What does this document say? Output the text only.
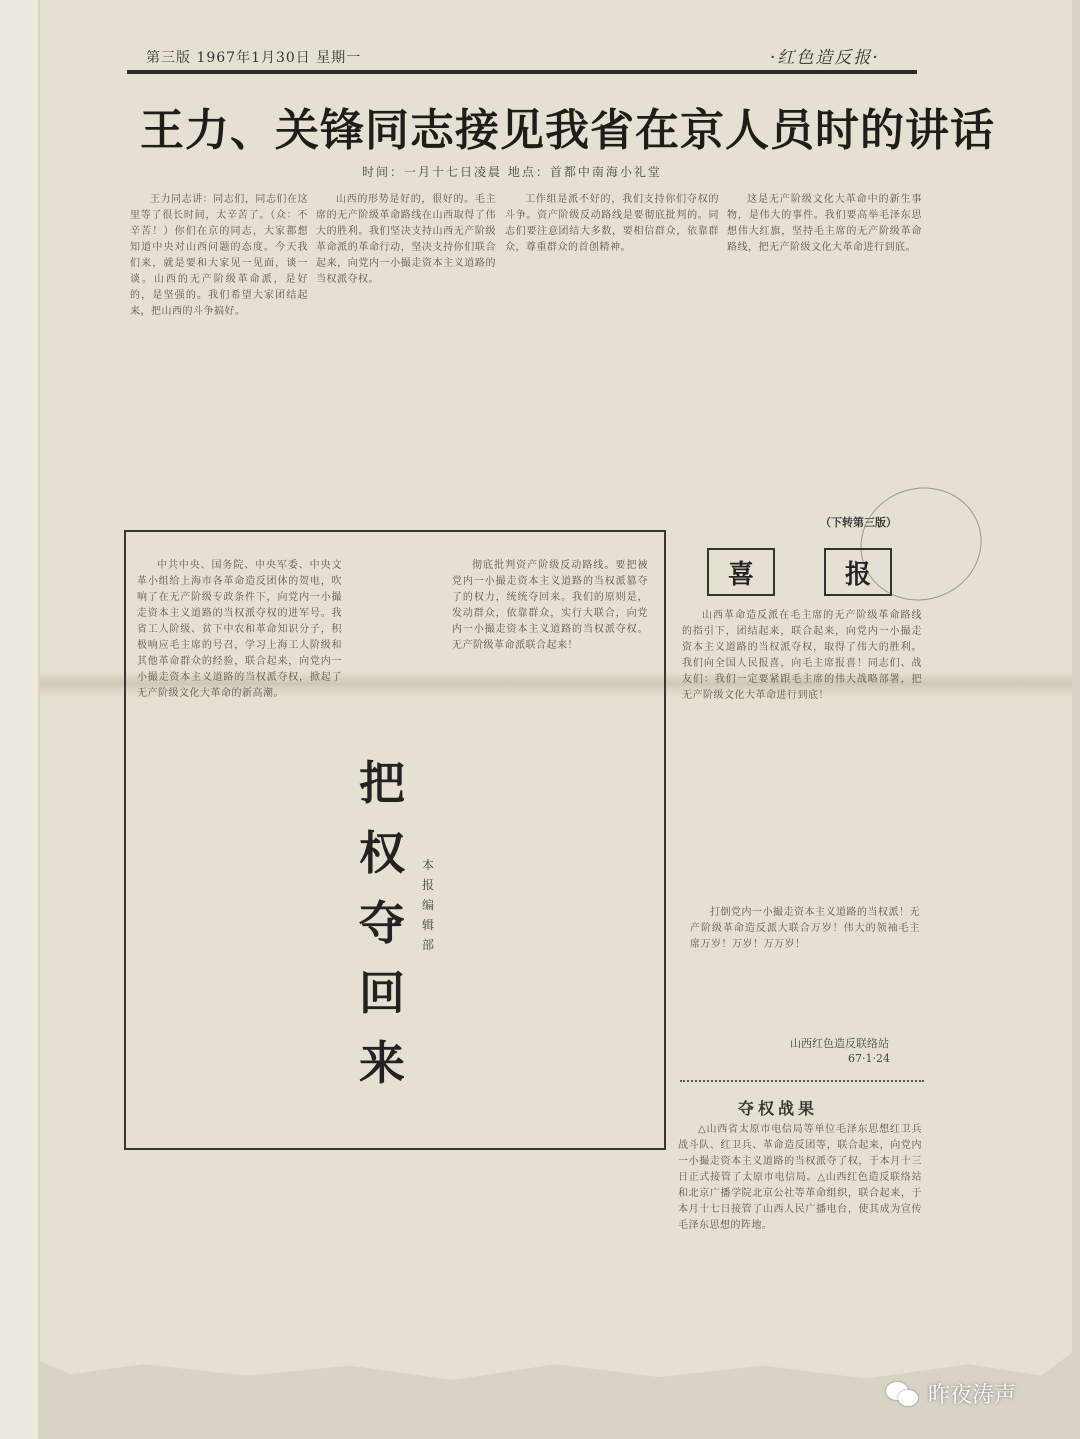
第三版 1967年1月30日 星期一	·红色造反报·
王力、关锋同志接见我省在京人员时的讲话
时间：一月十七日凌晨 地点：首都中南海小礼堂

王力同志讲：同志们，同志们在这里等了很长时间，太辛苦了。（众：不辛苦！）你们在京的同志，大家都想知道中央对山西问题的态度。今天我们来，就是要和大家见一见面，谈一谈。山西的无产阶级革命派，是好的，是坚强的。我们希望大家团结起来，把山西的斗争搞好。

山西的形势是好的，很好的。毛主席的无产阶级革命路线在山西取得了伟大的胜利。我们坚决支持山西无产阶级革命派的革命行动，坚决支持你们联合起来，向党内一小撮走资本主义道路的当权派夺权。

工作组是派不好的，我们支持你们夺权的斗争。资产阶级反动路线是要彻底批判的。同志们要注意团结大多数，要相信群众，依靠群众，尊重群众的首创精神。

这是无产阶级文化大革命中的新生事物，是伟大的事件。我们要高举毛泽东思想伟大红旗，坚持毛主席的无产阶级革命路线，把无产阶级文化大革命进行到底。

（下转第三版）

中共中央、国务院、中央军委、中央文革小组给上海市各革命造反团体的贺电，吹响了在无产阶级专政条件下，向党内一小撮走资本主义道路的当权派夺权的进军号。我省工人阶级、贫下中农和革命知识分子，积极响应毛主席的号召，学习上海工人阶级和其他革命群众的经验，联合起来，向党内一小撮走资本主义道路的当权派夺权，掀起了无产阶级文化大革命的新高潮。

彻底批判资产阶级反动路线。要把被党内一小撮走资本主义道路的当权派篡夺了的权力，统统夺回来。我们的原则是，发动群众，依靠群众，实行大联合，向党内一小撮走资本主义道路的当权派夺权。无产阶级革命派联合起来！

把
权
夺
回
来
本
报
编
辑
部
喜	报

山西革命造反派在毛主席的无产阶级革命路线的指引下，团结起来，联合起来，向党内一小撮走资本主义道路的当权派夺权，取得了伟大的胜利。我们向全国人民报喜，向毛主席报喜！同志们、战友们：我们一定要紧跟毛主席的伟大战略部署，把无产阶级文化大革命进行到底！

打倒党内一小撮走资本主义道路的当权派！无产阶级革命造反派大联合万岁！伟大的领袖毛主席万岁！万岁！万万岁！

山西红色造反联络站
67·1·24
夺权战果

△山西省太原市电信局等单位毛泽东思想红卫兵战斗队、红卫兵、革命造反团等，联合起来，向党内一小撮走资本主义道路的当权派夺了权，于本月十三日正式接管了太原市电信局。△山西红色造反联络站和北京广播学院北京公社等革命组织，联合起来，于本月十七日接管了山西人民广播电台，使其成为宣传毛泽东思想的阵地。

昨夜涛声
